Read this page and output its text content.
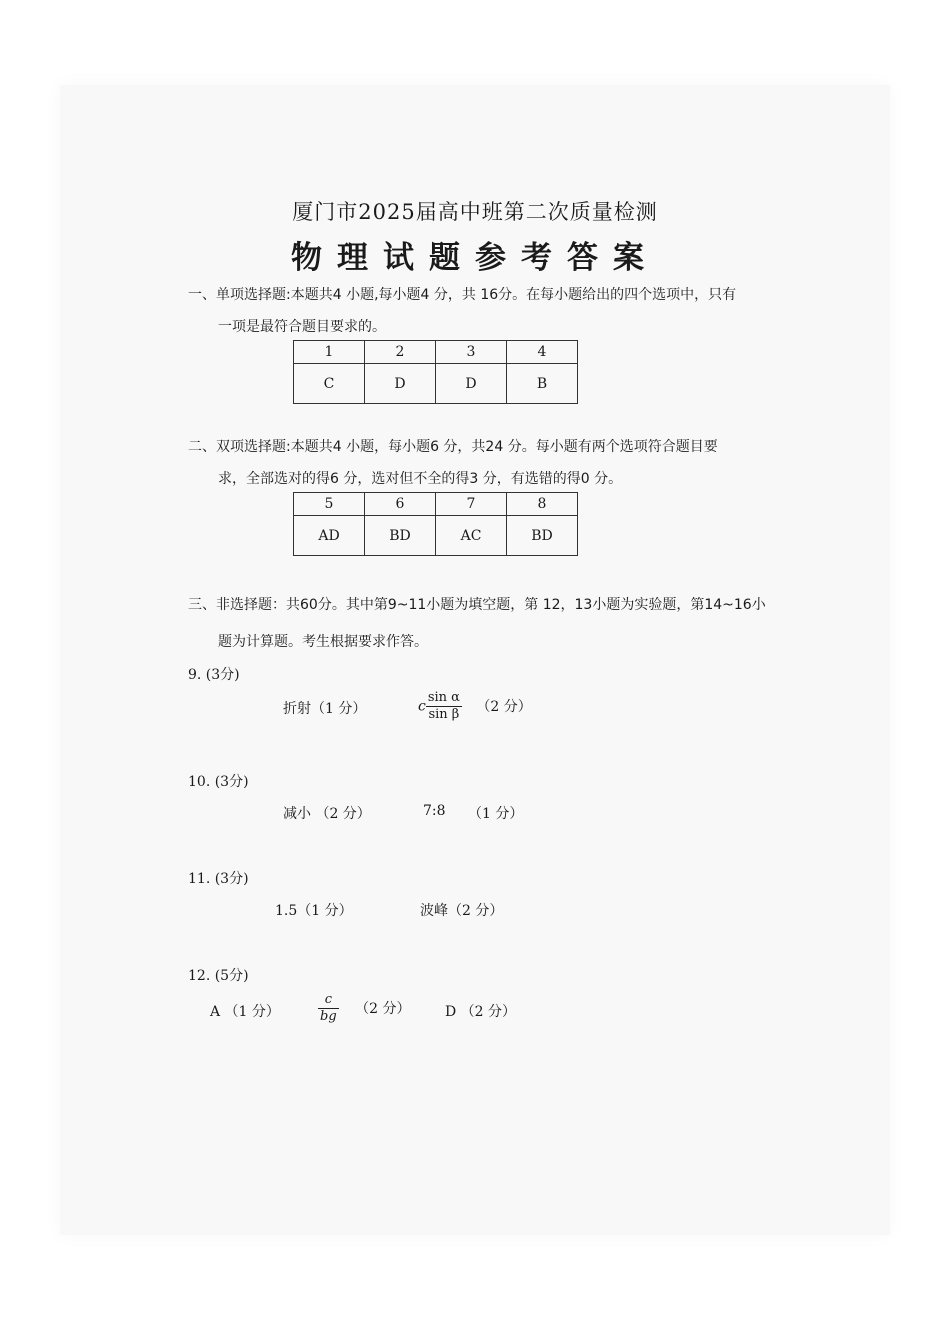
厦门市2025届高中班第二次质量检测
物理试题参考答案
一、单项选择题:本题共4 小题,每小题4 分，共 16分。在每小题给出的四个选项中，只有
一项是最符合题目要求的。
1	2	3	4
C	D	D	B
二、双项选择题:本题共4 小题，每小题6 分，共24 分。每小题有两个选项符合题目要
求，全部选对的得6 分，选对但不全的得3 分，有选错的得0 分。
5	6	7	8
AD	BD	AC	BD
三、非选择题：共60分。其中第9~11小题为填空题，第 12，13小题为实验题，第14~16小
题为计算题。考生根据要求作答。
9. (3分)
折射（1 分）	c $\frac{\text{sin α}}{\text{sin β}} (2$ 分）
10. (3分)
减小 （2 分）	7:8 （1 分）
11. (3分)
1.5（1 分）	波峰（2 分）
12. (5分)
A （1 分）	$\frac{c}{bg} (2$ 分） D （2 分）
